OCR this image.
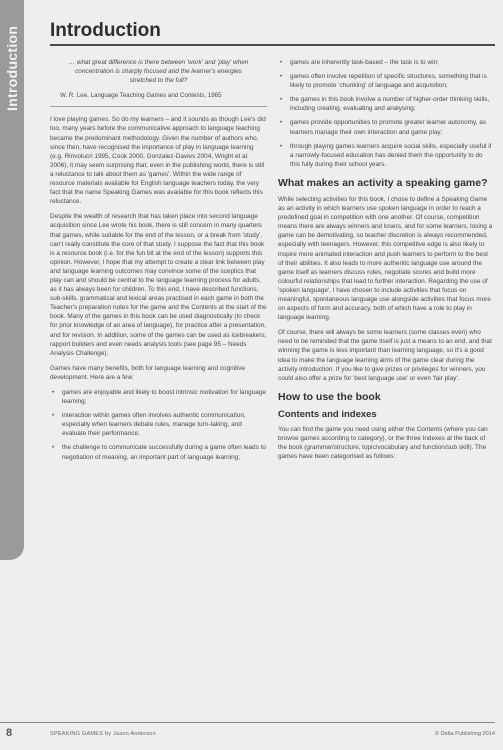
Introduction Introduction

… what great difference is there between 'work' and 'play' when concentration is sharply focused and the learner's energies stretched to the full?

W. R. Lee, Language Teaching Games and Contests, 1965

I love playing games. So do my learners – and it sounds as though Lee's did too, many years before the communicative approach to language teaching became the predominant methodology. Given the number of authors who, since then, have recognised the importance of play in language learning (e.g. Rinvolucri 1995, Cook 2000, Gonzalez-Davies 2004, Wright et al. 2006), it may seem surprising that, even in the publishing world, there is still a reluctance to talk about them as 'games'. Within the wide range of resource materials available for English language teachers today, the very fact that the name Speaking Games was available for this book reflects this reluctance.

Despite the wealth of research that has taken place into second language acquisition since Lee wrote his book, there is still concern in many quarters that games, while suitable for the end of the lesson, or a break from 'study', can't really constitute the core of that study. I suppose the fact that this book is a resource book (i.e. for the fun bit at the end of the lesson) supports this opinion. However, I hope that my attempt to create a clear link between play and language learning outcomes may convince some of the sceptics that play can and should be central to the language learning process for adults, as it has always been for children. To this end, I have described functions, sub-skills, grammatical and lexical areas practised in each game in both the Teacher's preparation notes for the game and the Contents at the start of the book. Many of the games in this book can be used diagnostically (to check for prior knowledge of an area of language), for practice after a presentation, and for revision. In addition, some of the games can be used as icebreakers, rapport builders and even needs analysis tools (see page 95 – Needs Analysis Challenge).

Games have many benefits, both for language learning and cognitive development. Here are a few:

• games are enjoyable and likely to boost intrinsic motivation for language learning;
• interaction within games often involves authentic communication, especially when learners debate rules, manage turn-taking, and evaluate their performance;
• the challenge to communicate successfully during a game often leads to negotiation of meaning, an important part of language learning;
• games are inherently task-based – the task is to win;
• games often involve repetition of specific structures, something that is likely to promote 'chunking' of language and acquisition;
• the games in this book involve a number of higher-order thinking skills, including creating, evaluating and analysing;
• games provide opportunities to promote greater learner autonomy, as learners manage their own interaction and game play;
• through playing games learners acquire social skills, especially useful if a narrowly-focused education has denied them the opportunity to do this fully during their school years.
What makes an activity a speaking game?

While selecting activities for this book, I chose to define a Speaking Game as an activity in which learners use spoken language in order to reach a predefined goal in competition with one another. Of course, competition means there are always winners and losers, and for some learners, losing a game can be demotivating, so teacher discretion is always recommended, especially with teenagers. However, this competitive edge is also likely to inspire more animated interaction and push learners to perform to the best of their abilities. It also leads to more authentic language use around the game itself as learners discuss rules, negotiate scores and build more colourful relationships that lead to further interaction. Regarding the use of 'spoken language', I have chosen to include activities that focus on meaningful, spontaneous language use alongside activities that focus more on aspects of form and accuracy, both of which have a role to play in language learning.

Of course, there will always be some learners (some classes even) who need to be reminded that the game itself is just a means to an end, and that winning the game is less important than learning language, so it's a good idea to make the language learning aims of the game clear during the activity introduction. If you like to give prizes or privileges for winners, you could also offer a prize for 'best language use' or even 'fair play'.

How to use the book
Contents and indexes

You can find the game you need using either the Contents (where you can browse games according to category), or the three Indexes at the back of the book (grammar/structure, topic/vocabulary and function/sub skill). The games have been categorised as follows:

8	SPEAKING GAMES by Jason Anderson	© Delta Publishing 2014
